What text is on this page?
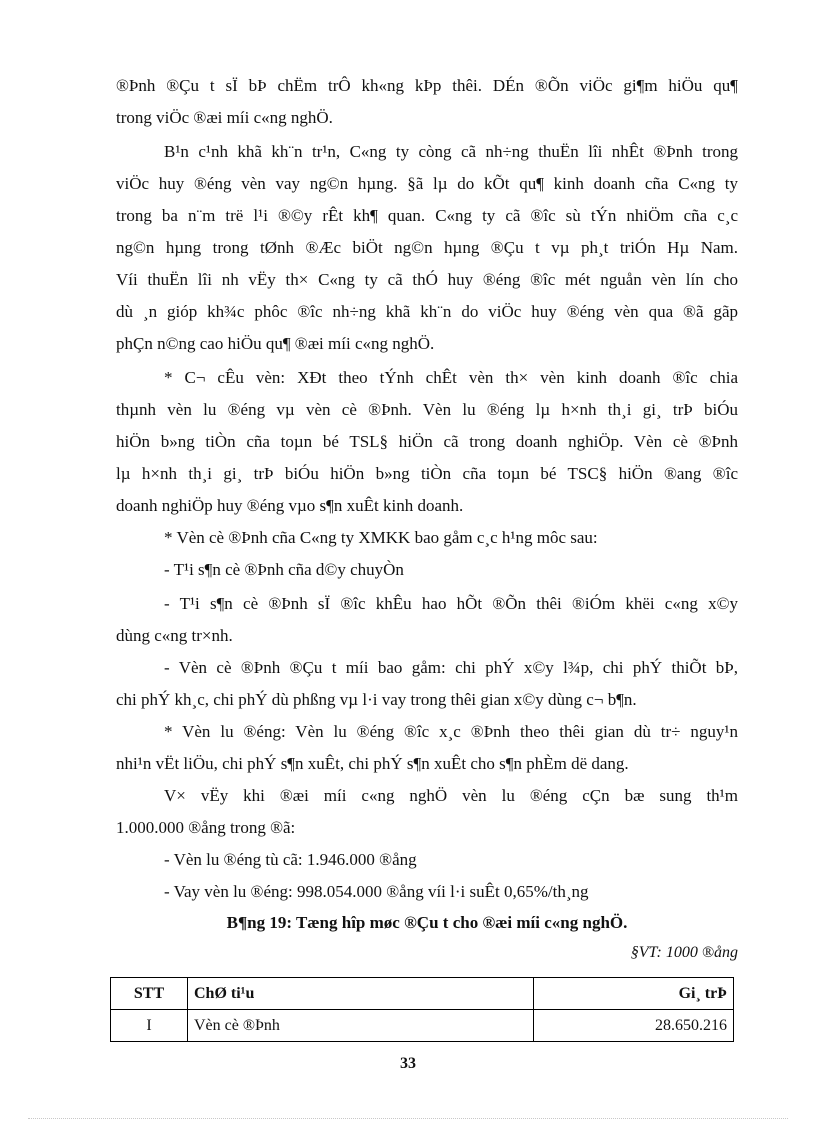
®Þnh ®Çu t sÏ bÞ chËm trÔ kh«ng kÞp thêi. DÉn ®Õn viÖc gi¶m hiÖu qu¶
trong viÖc ®æi míi c«ng nghÖ.
B¹n c¹nh khã kh¨n tr¹n, C«ng ty còng cã nh÷ng thuËn lîi nhÊt ®Þnh trong
viÖc huy ®éng vèn vay ng©n hµng. §ã lµ do kÕt qu¶ kinh doanh cña C«ng ty
trong ba n¨m trë l¹i ®©y rÊt kh¶ quan. C«ng ty cã ®îc sù tÝn nhiÖm cña c¸c
ng©n hµng trong tØnh ®Æc biÖt ng©n hµng ®Çu t vµ ph¸t triÓn Hµ Nam.
Víi thuËn lîi nh vËy th× C«ng ty cã thÓ huy ®éng ®îc mét nguån vèn lín cho
dù ¸n gióp kh¾c phôc ®îc nh÷ng khã kh¨n do viÖc huy ®éng vèn qua ®ã gãp
phÇn n©ng cao hiÖu qu¶ ®æi míi c«ng nghÖ.
* C¬ cÊu vèn: XÐt theo tÝnh chÊt vèn th× vèn kinh doanh ®îc chia
thµnh vèn lu ®éng vµ vèn cè ®Þnh. Vèn lu ®éng lµ h×nh th¸i gi¸ trÞ biÓu
hiÖn b»ng tiÒn cña toµn bé TSL§ hiÖn cã trong doanh nghiÖp. Vèn cè ®Þnh
lµ h×nh th¸i gi¸ trÞ biÓu hiÖn b»ng tiÒn cña toµn bé TSC§ hiÖn ®ang ®îc
doanh nghiÖp huy ®éng vµo s¶n xuÊt kinh doanh.
* Vèn cè ®Þnh cña C«ng ty XMKK bao gåm c¸c h¹ng môc sau:
- T¹i s¶n cè ®Þnh cña d©y chuyÒn
- T¹i s¶n cè ®Þnh sÏ ®îc khÊu hao hÕt ®Õn thêi ®iÓm khëi c«ng x©y
dùng c«ng tr×nh.
- Vèn cè ®Þnh ®Çu t míi bao gåm: chi phÝ x©y l¾p, chi phÝ thiÕt bÞ,
chi phÝ kh¸c, chi phÝ dù phßng vµ l·i vay trong thêi gian x©y dùng c¬ b¶n.
* Vèn lu ®éng: Vèn lu ®éng ®îc x¸c ®Þnh theo thêi gian dù tr÷ nguy¹n
nhi¹n vËt liÖu, chi phÝ s¶n xuÊt, chi phÝ s¶n xuÊt cho s¶n phÈm dë dang.
V× vËy khi ®æi míi c«ng nghÖ vèn lu ®éng cÇn bæ sung th¹m
1.000.000 ®ång trong ®ã:
- Vèn lu ®éng tù cã: 1.946.000 ®ång
- Vay vèn lu ®éng: 998.054.000 ®ång víi l·i suÊt 0,65%/th¸ng
B¶ng 19: Tæng hîp møc ®Çu t cho ®æi míi c«ng nghÖ.
§VT: 1000 ®ång
STT	ChØ ti¹u	Gi¸ trÞ
I	Vèn cè ®Þnh	28.650.216
33
